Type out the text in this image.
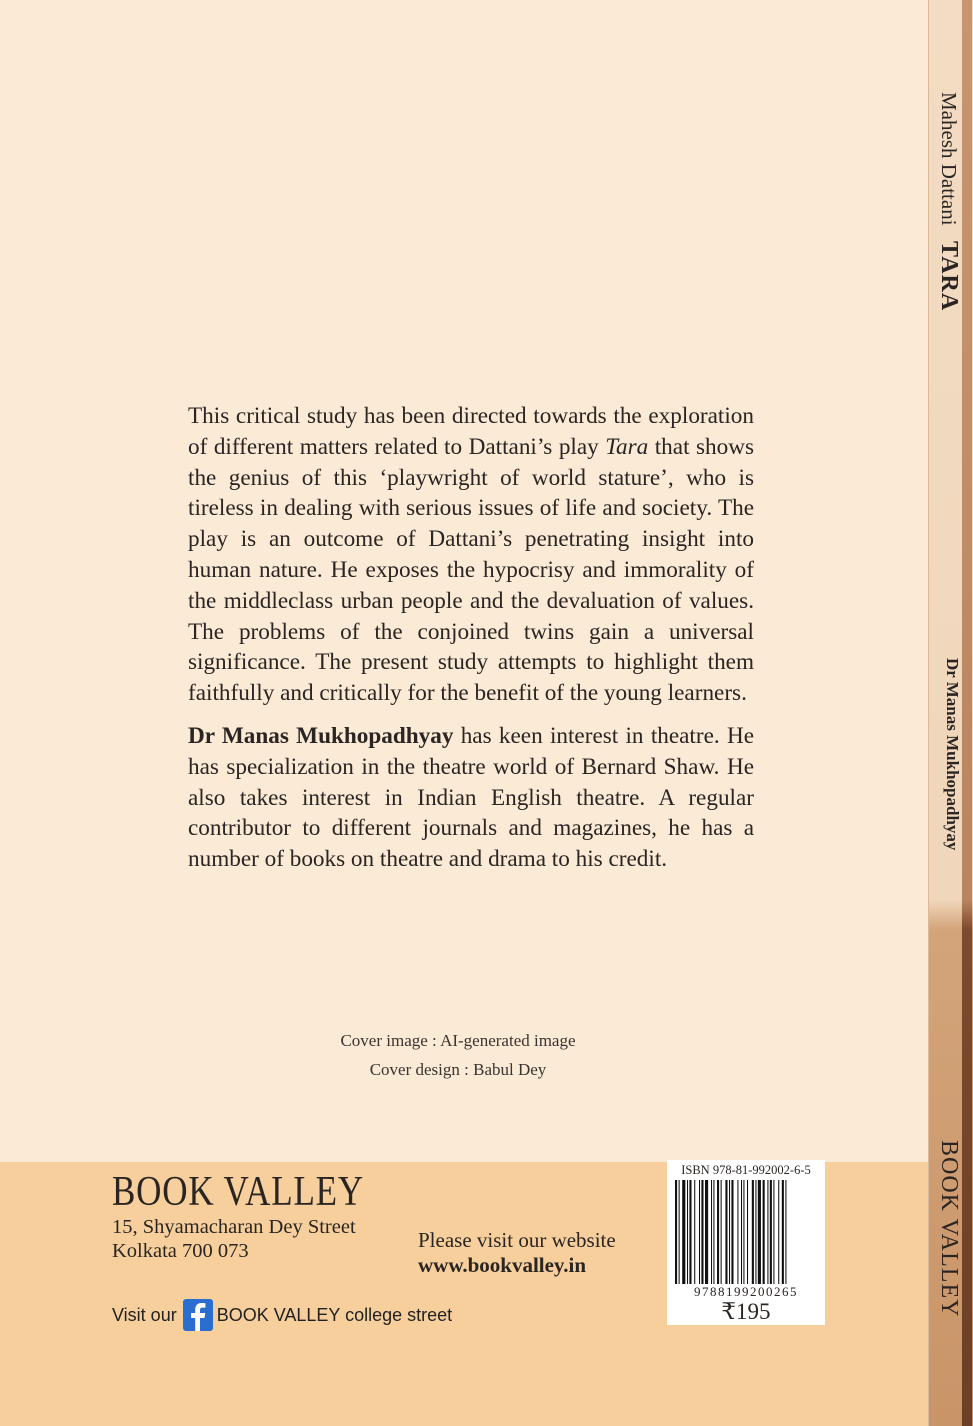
Mahesh Dattani TARA
Dr Manas Mukhopadhyay
BOOK VALLEY

This critical study has been directed towards the exploration of different matters related to Dattani’s play Tara that shows the genius of this ‘playwright of world stature’, who is tireless in dealing with serious issues of life and society. The play is an outcome of Dattani’s penetrating insight into human nature. He exposes the hypocrisy and immorality of the middleclass urban people and the devaluation of values. The problems of the conjoined twins gain a universal significance. The present study attempts to highlight them faithfully and critically for the benefit of the young learners.

Dr Manas Mukhopadhyay has keen interest in theatre. He has specialization in the theatre world of Bernard Shaw. He also takes interest in Indian English theatre. A regular contributor to different journals and magazines, he has a number of books on theatre and drama to his credit.

Cover image : AI-generated image
Cover design : Babul Dey
BOOK VALLEY
15, Shyamacharan Dey Street
Kolkata 700 073	Please visit our website
www.bookvalley.in
Visit our BOOK VALLEY college street
ISBN 978-81-992002-6-5
9788199200265
₹195
